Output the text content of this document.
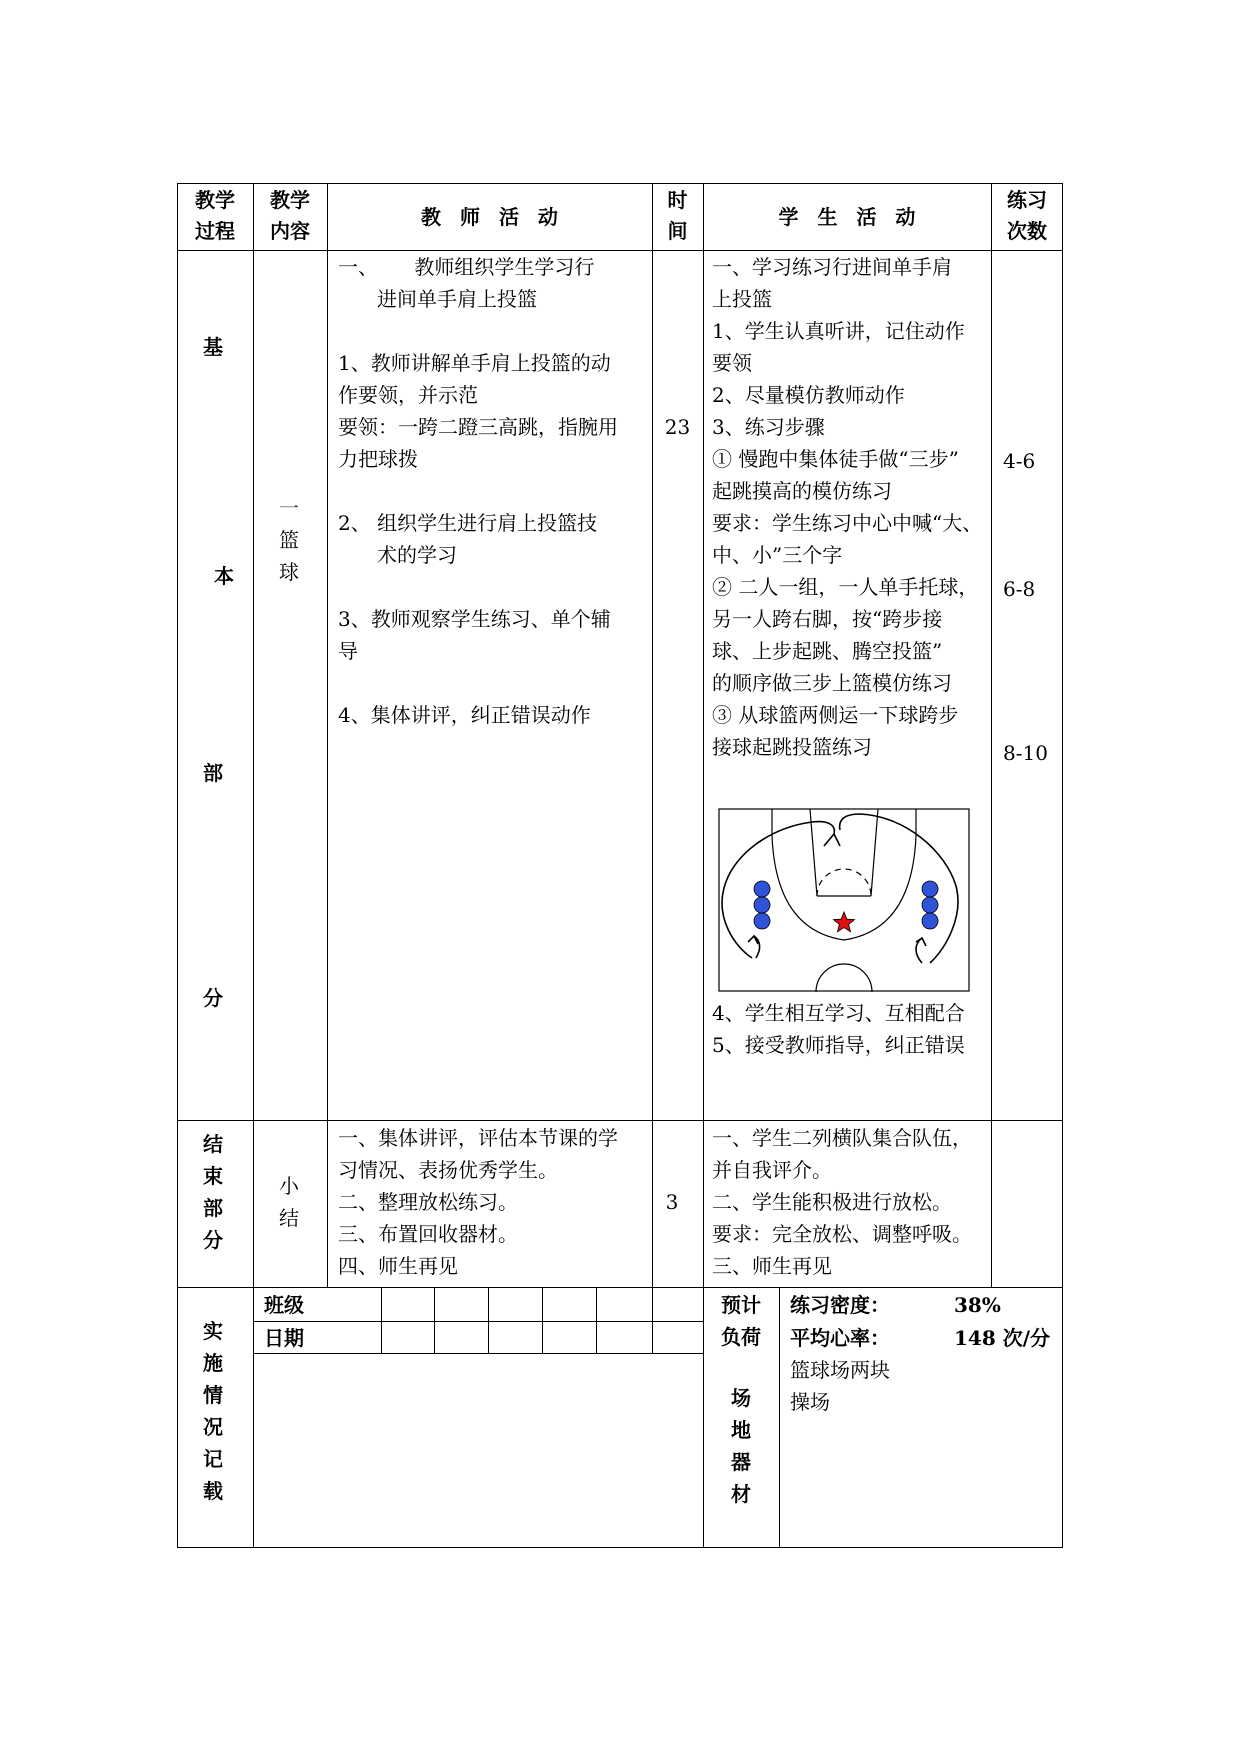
教学
过程
教学
内容
教 师 活 动
时
间
学 生 活 动
练习
次数
基
本
部
分
一
篮
球
一、 教师组织学生学习行
进间单手肩上投篮
1、教师讲解单手肩上投篮的动
作要领，并示范
要领：一跨二蹬三高跳，指腕用
力把球拨
2、 组织学生进行肩上投篮技
术的学习
3、教师观察学生练习、单个辅
导
4、集体讲评，纠正错误动作
23
一、学习练习行进间单手肩
上投篮
1、学生认真听讲，记住动作
要领
2、尽量模仿教师动作
3、练习步骤
① 慢跑中集体徒手做“三步”
起跳摸高的模仿练习
要求：学生练习中心中喊“大、
中、小”三个字
② 二人一组，一人单手托球，
另一人跨右脚，按“跨步接
球、上步起跳、腾空投篮”
的顺序做三步上篮模仿练习
③ 从球篮两侧运一下球跨步
接球起跳投篮练习
4、学生相互学习、互相配合
5、接受教师指导，纠正错误
4-6
6-8
8-10
结
束
部
分
小
结
一、集体讲评，评估本节课的学
习情况、表扬优秀学生。
二、整理放松练习。
三、布置回收器材。
四、师生再见
3
一、学生二列横队集合队伍，
并自我评介。
二、学生能积极进行放松。
要求：完全放松、调整呼吸。
三、师生再见
实
施
情
况
记
载
班级
日期
预计
负荷
练习密度：	38%
平均心率：	148 次/分
场
地
器
材
篮球场两块
操场
